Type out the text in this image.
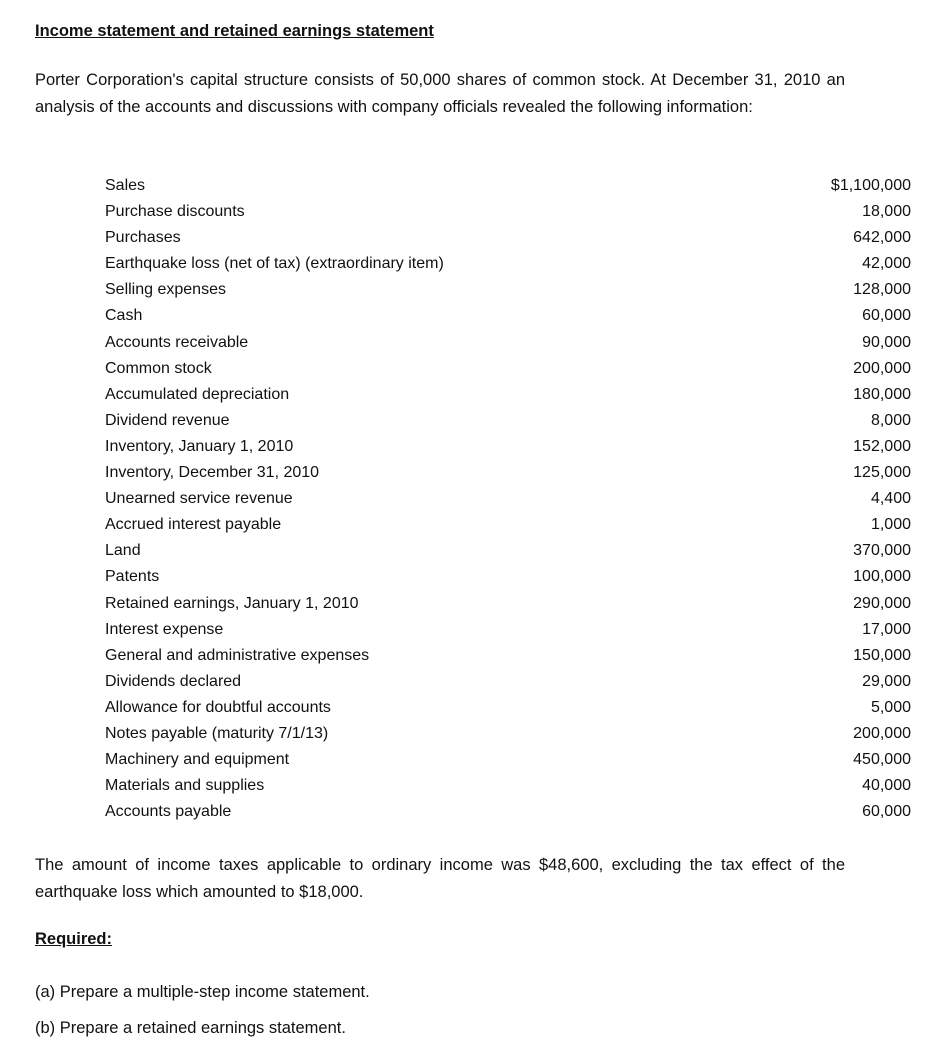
Income statement and retained earnings statement
Porter Corporation's capital structure consists of 50,000 shares of common stock. At December 31, 2010 an analysis of the accounts and discussions with company officials revealed the following information:
Sales	$1,100,000
Purchase discounts	18,000
Purchases	642,000
Earthquake loss (net of tax) (extraordinary item)	42,000
Selling expenses	128,000
Cash	60,000
Accounts receivable	90,000
Common stock	200,000
Accumulated depreciation	180,000
Dividend revenue	8,000
Inventory, January 1, 2010	152,000
Inventory, December 31, 2010	125,000
Unearned service revenue	4,400
Accrued interest payable	1,000
Land	370,000
Patents	100,000
Retained earnings, January 1, 2010	290,000
Interest expense	17,000
General and administrative expenses	150,000
Dividends declared	29,000
Allowance for doubtful accounts	5,000
Notes payable (maturity 7/1/13)	200,000
Machinery and equipment	450,000
Materials and supplies	40,000
Accounts payable	60,000
The amount of income taxes applicable to ordinary income was $48,600, excluding the tax effect of the earthquake loss which amounted to $18,000.
Required:
(a) Prepare a multiple-step income statement.
(b) Prepare a retained earnings statement.
